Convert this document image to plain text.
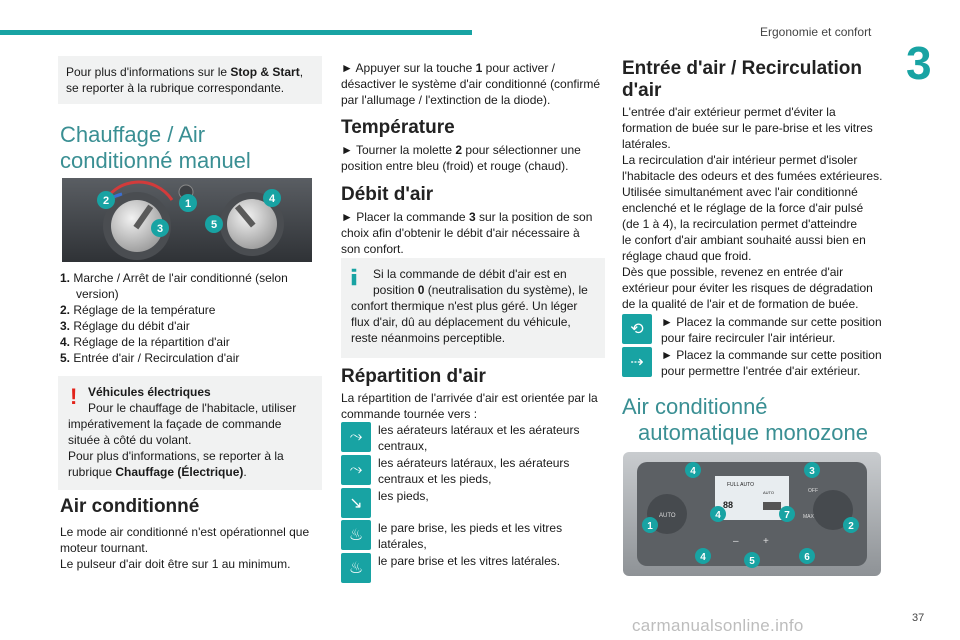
Ergonomie et confort
3
Pour plus d'informations sur le Stop & Start, se reporter à la rubrique correspondante.
Chauffage / Air
conditionné manuel
2
3
1	4
5

1. Marche / Arrêt de l'air conditionné (selon

version)

2. Réglage de la température

3. Réglage du débit d'air

4. Réglage de la répartition d'air

5. Entrée d'air / Recirculation d'air

! Véhicules électriques
Pour le chauffage de l'habitacle, utiliser
impérativement la façade de commande
située à côté du volant.
Pour plus d'informations, se reporter à la
rubrique Chauffage (Électrique).
Air conditionné

Le mode air conditionné n'est opérationnel que

moteur tournant.

Le pulseur d'air doit être sur 1 au minimum.

► Appuyer sur la touche 1 pour activer /

désactiver le système d'air conditionné (confirmé

par l'allumage / l'extinction de la diode).

Température

► Tourner la molette 2 pour sélectionner une

position entre bleu (froid) et rouge (chaud).

Débit d'air

► Placer la commande 3 sur la position de son

choix afin d'obtenir le débit d'air nécessaire à

son confort.

Si la commande de débit d'air est en
position 0 (neutralisation du système), le
confort thermique n'est plus géré. Un léger
flux d'air, dû au déplacement du véhicule,
reste néanmoins perceptible.
Répartition d'air

La répartition de l'arrivée d'air est orientée par la

commande tournée vers :

⤳	les aérateurs latéraux et les aérateurs
centraux,
⤳	les aérateurs latéraux, les aérateurs
centraux et les pieds,
↘	les pieds,
♨	le pare brise, les pieds et les vitres
latérales,
♨	le pare brise et les vitres latérales.
Entrée d'air / Recirculation
d'air

L'entrée d'air extérieur permet d'éviter la

formation de buée sur le pare-brise et les vitres

latérales.

La recirculation d'air intérieur permet d'isoler

l'habitacle des odeurs et des fumées extérieures.

Utilisée simultanément avec l'air conditionné

enclenché et le réglage de la force d'air pulsé

(de 1 à 4), la recirculation permet d'atteindre

le confort d'air ambiant souhaité aussi bien en

réglage chaud que froid.

Dès que possible, revenez en entrée d'air

extérieur pour éviter les risques de dégradation

de la qualité de l'air et de formation de buée.

⟲	► Placez la commande sur cette position
pour faire recirculer l'air intérieur.
⇢	► Placez la commande sur cette position
pour permettre l'entrée d'air extérieur.
Air conditionné
automatique monozone
FULL AUTO
88
AUTO
AUTO
OFF
MAX
– +
4	3
1
4	7
2
4	5	6
carmanualsonline.info	37
